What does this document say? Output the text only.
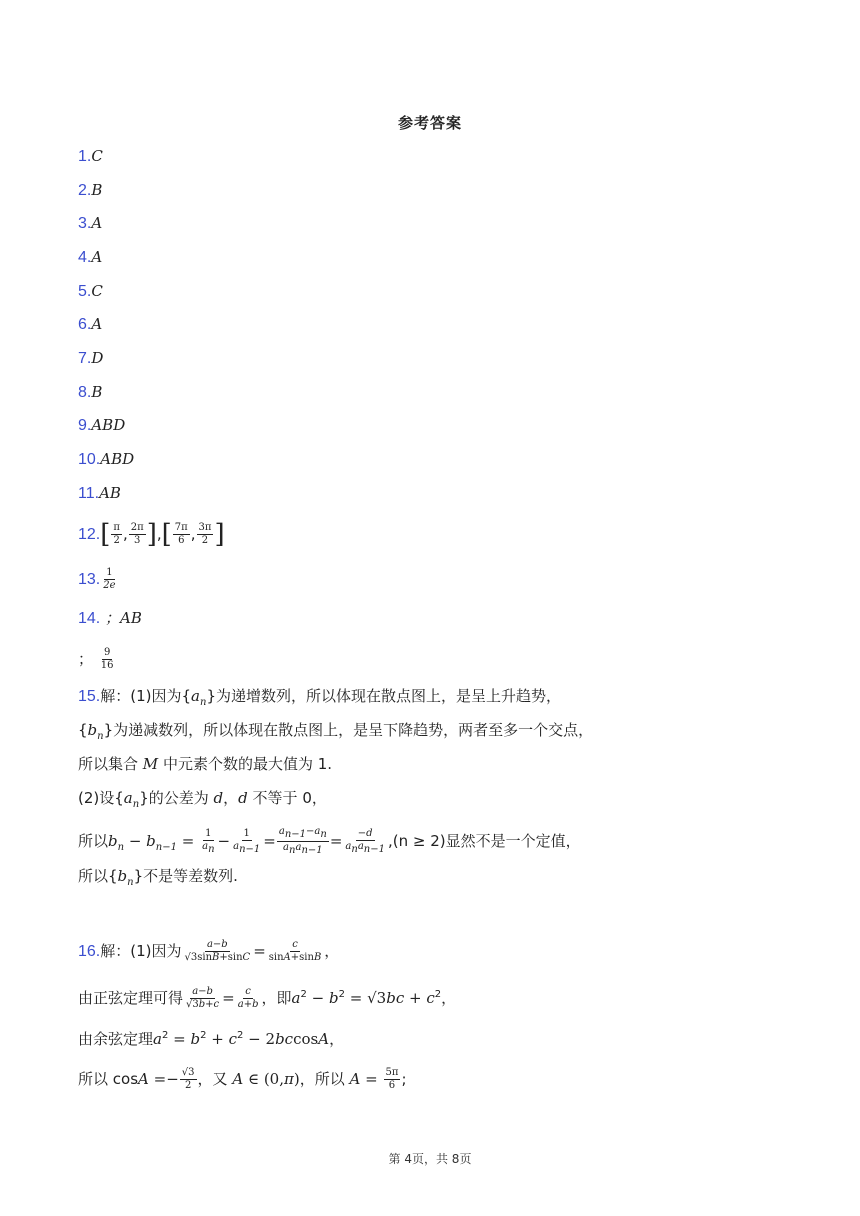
参考答案
1.C
2.B
3.A
4.A
5.C
6.A
7.D
8.B
9.ABD
10.ABD
11.AB
$12.[ \frac{\pi}{2}$ , $\frac{2\pi}{3}$ ],[ $\frac{7\pi}{6}$ , $\frac{3\pi}{2}$ ]
13. $\frac{1}{2e}$
14. ；AB
； $\frac{9}{16}$
15.解：(1)因为$\{a_n\}$为递增数列，所以体现在散点图上，是呈上升趋势，
$\{b_n\}$为递减数列，所以体现在散点图上，是呈下降趋势，两者至多一个交点，
所以集合 M 中元素个数的最大值为 1.
(2)设$\{a_n\}$的公差为 d，d 不等于 0，
所以$b_n - b_{n-1} = \frac{1}{a_n} - \frac{1}{a_{n-1}} = \frac{a_{n-1}-a_n}{a_na_{n-1}} = \frac{-d}{a_na_{n-1}} ,(n \ge 2)$显然不是一个定值，
所以$\{b_n\}$不是等差数列.
16.解：(1)因为 $\frac{a-b}{√3\sin B+\sin C} = \frac{c}{\sin A+\sin B}$ ，
由正弦定理可得 $\frac{a-b}{√3b+c} = \frac{c}{a+b}$ ，即$a^2 - b^2 = √3bc + c^2$，
由余弦定理$a^2 = b^2 + c^2 - 2bccosA$，
所以 $\cos A =- \frac{√3}{2}$ ，又 A ∈ (0,π)，所以 $A = \frac{5\pi}{6}$ ;
第 4页，共 8页
